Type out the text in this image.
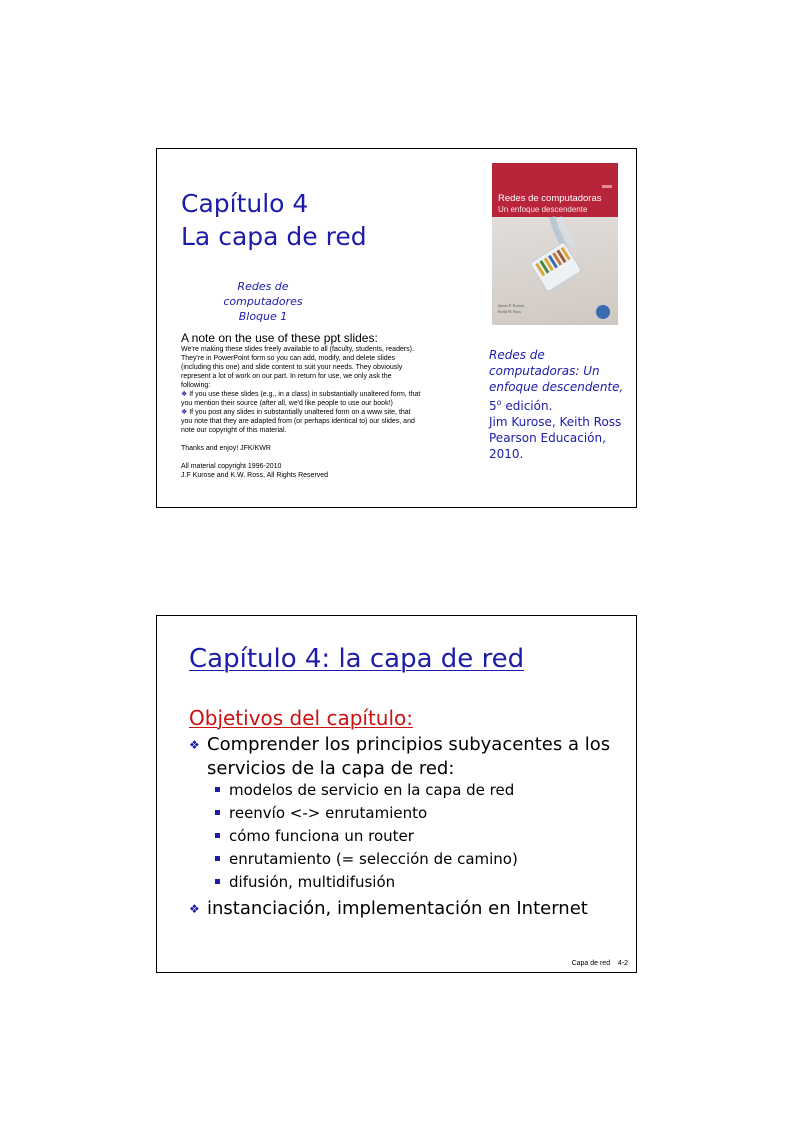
Capítulo 4
La capa de red
Redes de computadores
Bloque 1
A note on the use of these ppt slides:

We're making these slides freely available to all (faculty, students, readers).

They're in PowerPoint form so you can add, modify, and delete slides

(including this one) and slide content to suit your needs. They obviously

represent a lot of work on our part. In return for use, we only ask the

following:

❖ If you use these slides (e.g., in a class) in substantially unaltered form, that

you mention their source (after all, we'd like people to use our book!)

❖ If you post any slides in substantially unaltered form on a www site, that

you note that they are adapted from (or perhaps identical to) our slides, and

note our copyright of this material.

Thanks and enjoy! JFK/KWR

All material copyright 1996-2010

J.F Kurose and K.W. Ross, All Rights Reserved

Redes de computadoras
Un enfoque descendente
James F. Kurose
Keith W. Ross
Redes de
computadoras: Un
enfoque descendente,
5$^o$ edición.
Jim Kurose, Keith Ross
Pearson Educación,
2010.
Capítulo 4: la capa de red
Objetivos del capítulo:
❖ Comprender los principios subyacentes a los
servicios de la capa de red:
modelos de servicio en la capa de red
reenvío <-> enrutamiento
cómo funciona un router
enrutamiento (= selección de camino)
difusión, multidifusión
❖ instanciación, implementación en Internet
Capa de red 4-2
